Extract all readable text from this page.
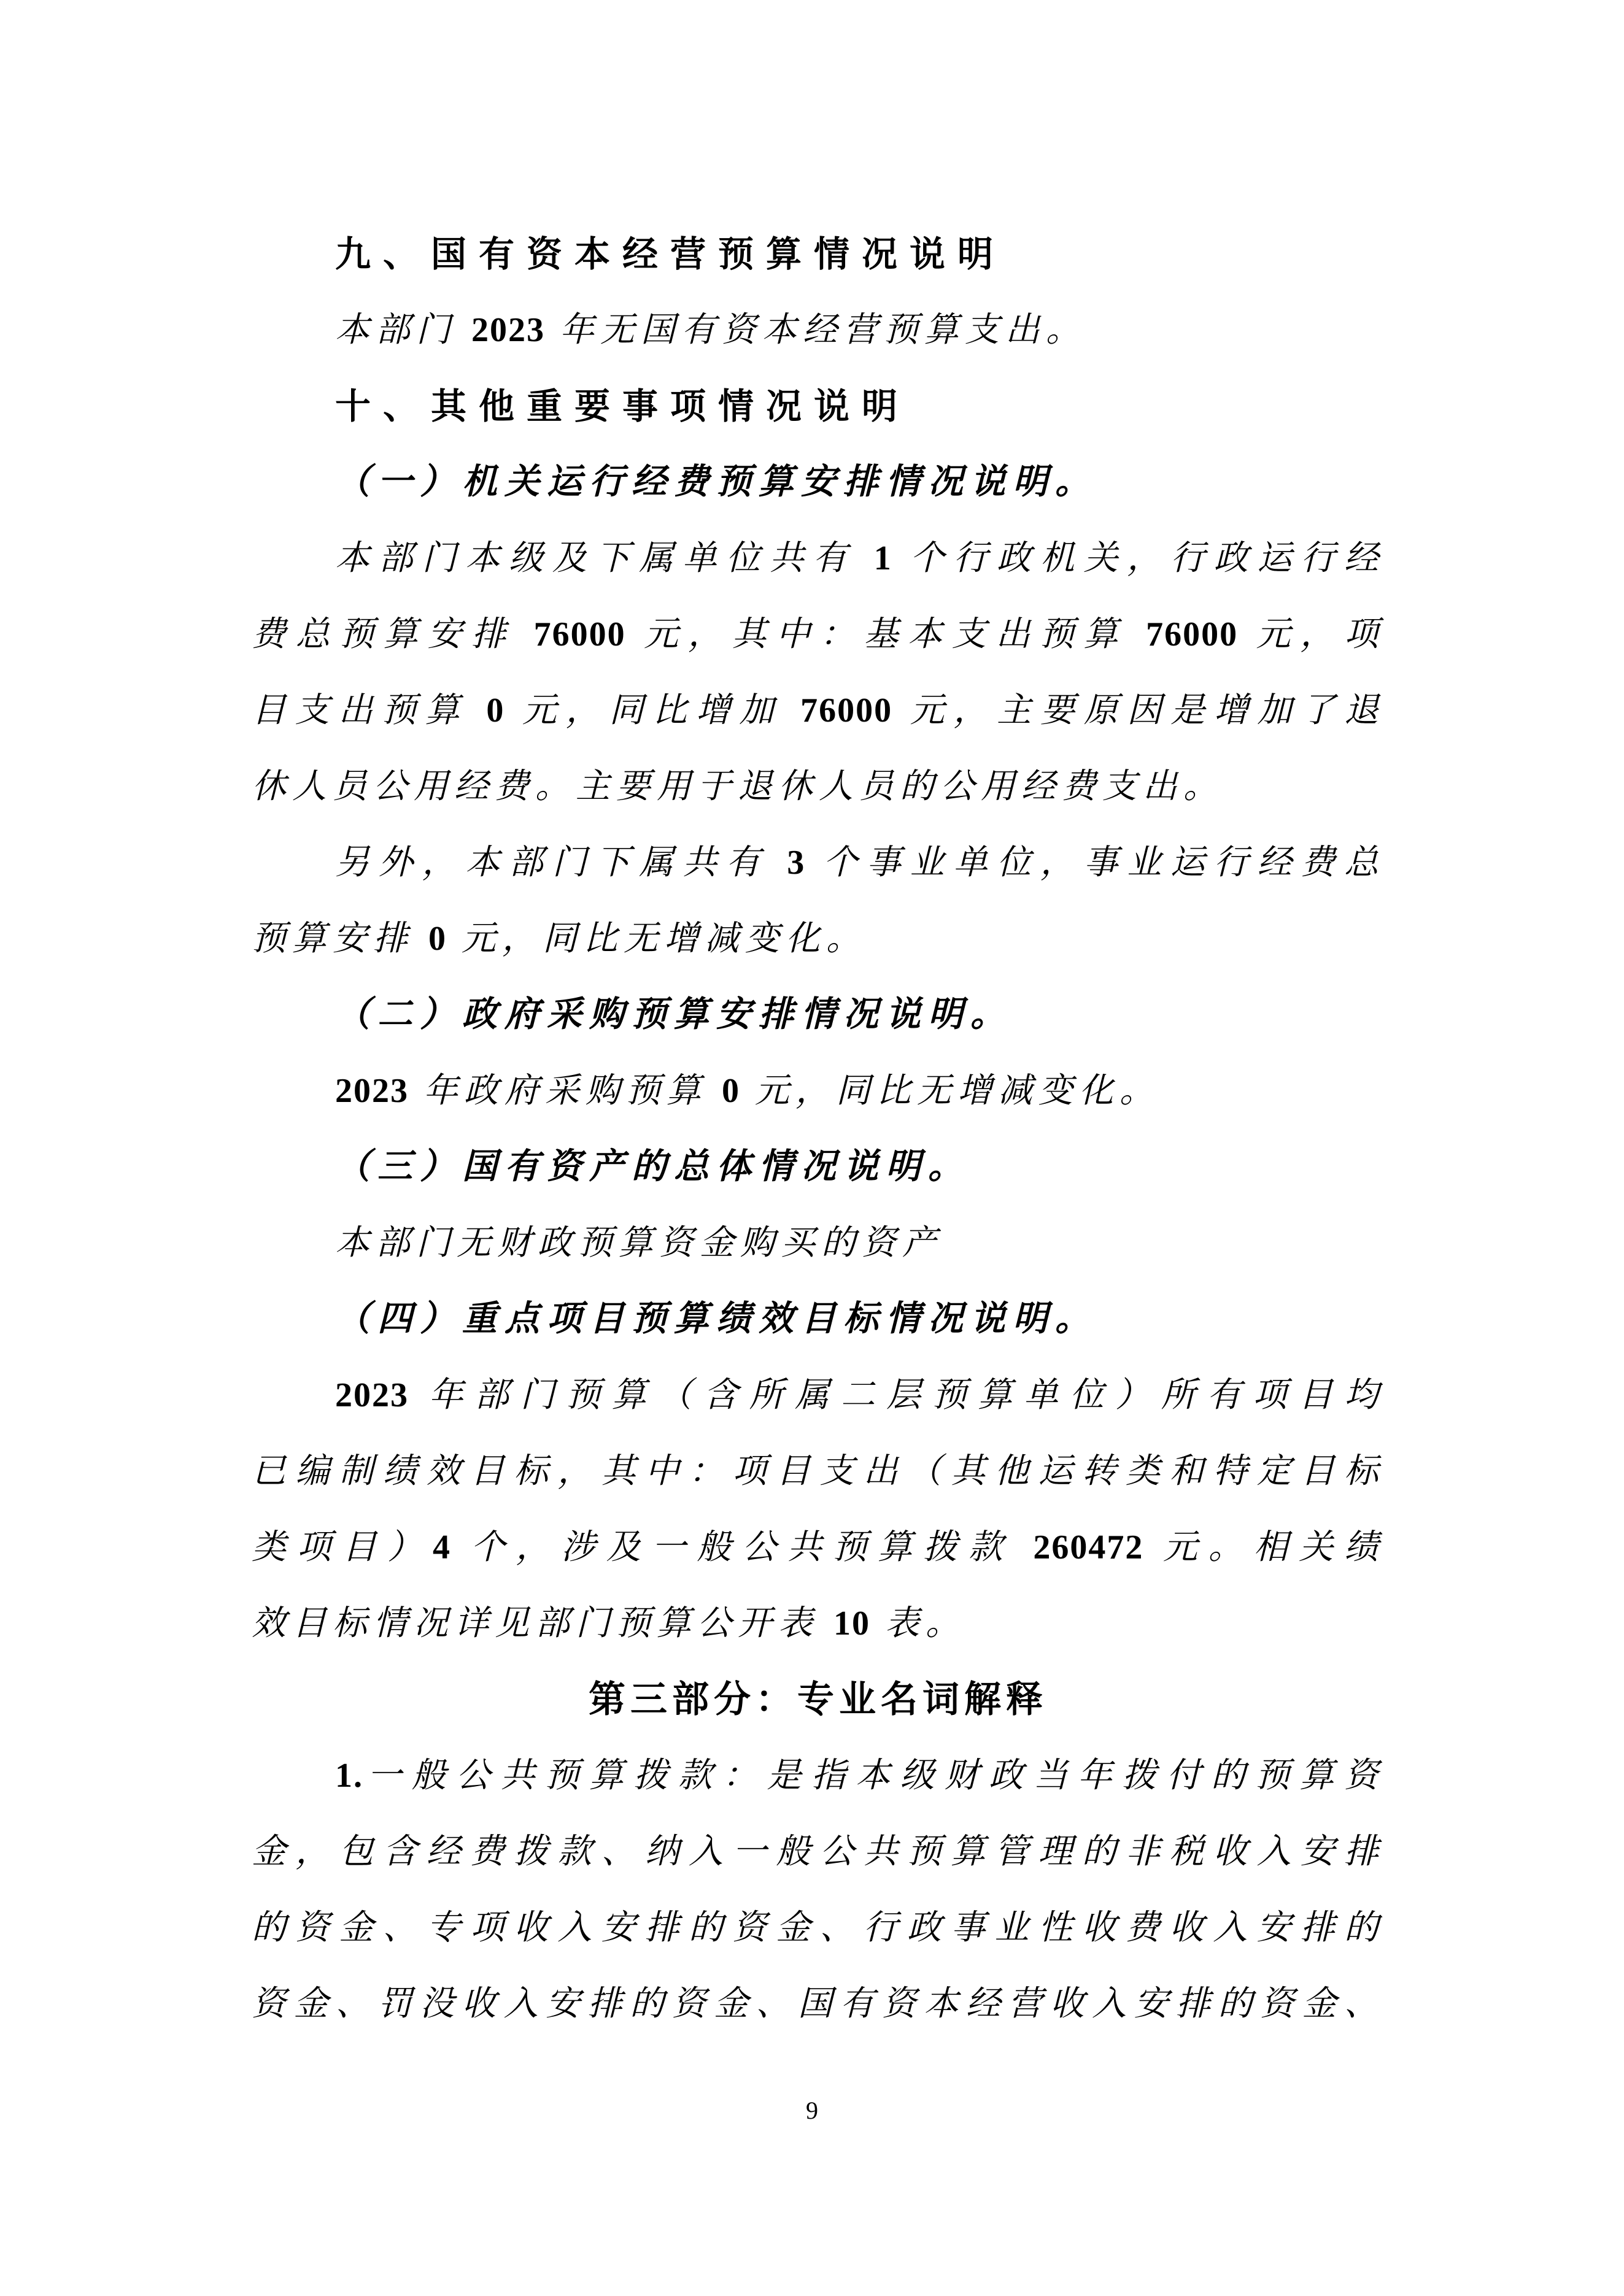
九、国有资本经营预算情况说明
本部门 2023 年无国有资本经营预算支出。
十、其他重要事项情况说明
（一）机关运行经费预算安排情况说明。
本部门本级及下属单位共有 1 个行政机关，行政运行经
费总预算安排 76000 元，其中：基本支出预算 76000 元，项
目支出预算 0 元，同比增加 76000 元，主要原因是增加了退
休人员公用经费。主要用于退休人员的公用经费支出。
另外，本部门下属共有 3 个事业单位，事业运行经费总
预算安排 0 元，同比无增减变化。
（二）政府采购预算安排情况说明。
2023 年政府采购预算 0 元，同比无增减变化。
（三）国有资产的总体情况说明。
本部门无财政预算资金购买的资产
（四）重点项目预算绩效目标情况说明。
2023 年部门预算（含所属二层预算单位）所有项目均
已编制绩效目标，其中：项目支出（其他运转类和特定目标
类项目）4 个，涉及一般公共预算拨款 260472 元。相关绩
效目标情况详见部门预算公开表 10 表。
第三部分：专业名词解释
1.一般公共预算拨款：是指本级财政当年拨付的预算资
金，包含经费拨款、纳入一般公共预算管理的非税收入安排
的资金、专项收入安排的资金、行政事业性收费收入安排的
资金、罚没收入安排的资金、国有资本经营收入安排的资金、
9
